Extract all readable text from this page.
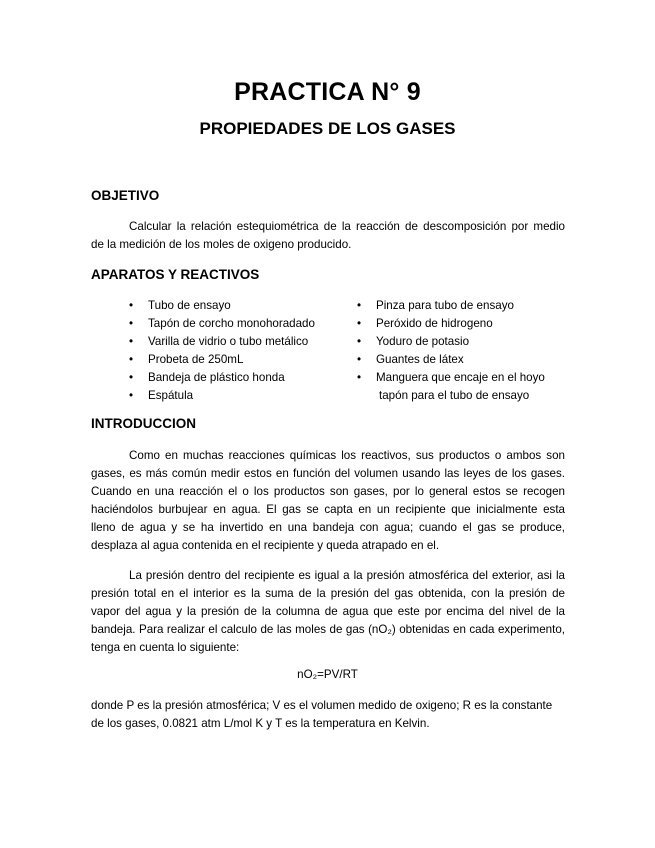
PRACTICA N° 9
PROPIEDADES DE LOS GASES
OBJETIVO
Calcular la relación estequiométrica de la reacción de descomposición por medio
de la medición de los moles de oxigeno producido.
APARATOS Y REACTIVOS
• Tubo de ensayo
• Tapón de corcho monohoradado
• Varilla de vidrio o tubo metálico
• Probeta de 250mL
• Bandeja de plástico honda
• Espátula
• Pinza para tubo de ensayo
• Peróxido de hidrogeno
• Yoduro de potasio
• Guantes de látex
• Manguera que encaje en el hoyo
tapón para el tubo de ensayo
INTRODUCCION
Como en muchas reacciones químicas los reactivos, sus productos o ambos son
gases, es más común medir estos en función del volumen usando las leyes de los gases.
Cuando en una reacción el o los productos son gases, por lo general estos se recogen
haciéndolos burbujear en agua. El gas se capta en un recipiente que inicialmente esta
lleno de agua y se ha invertido en una bandeja con agua; cuando el gas se produce,
desplaza al agua contenida en el recipiente y queda atrapado en el.
La presión dentro del recipiente es igual a la presión atmosférica del exterior, asi la
presión total en el interior es la suma de la presión del gas obtenida, con la presión de
vapor del agua y la presión de la columna de agua que este por encima del nivel de la
bandeja. Para realizar el calculo de las moles de gas (nO₂) obtenidas en cada experimento,
tenga en cuenta lo siguiente:
nO₂=PV/RT
donde P es la presión atmosférica; V es el volumen medido de oxigeno; R es la constante
de los gases, 0.0821 atm L/mol K y T es la temperatura en Kelvin.
